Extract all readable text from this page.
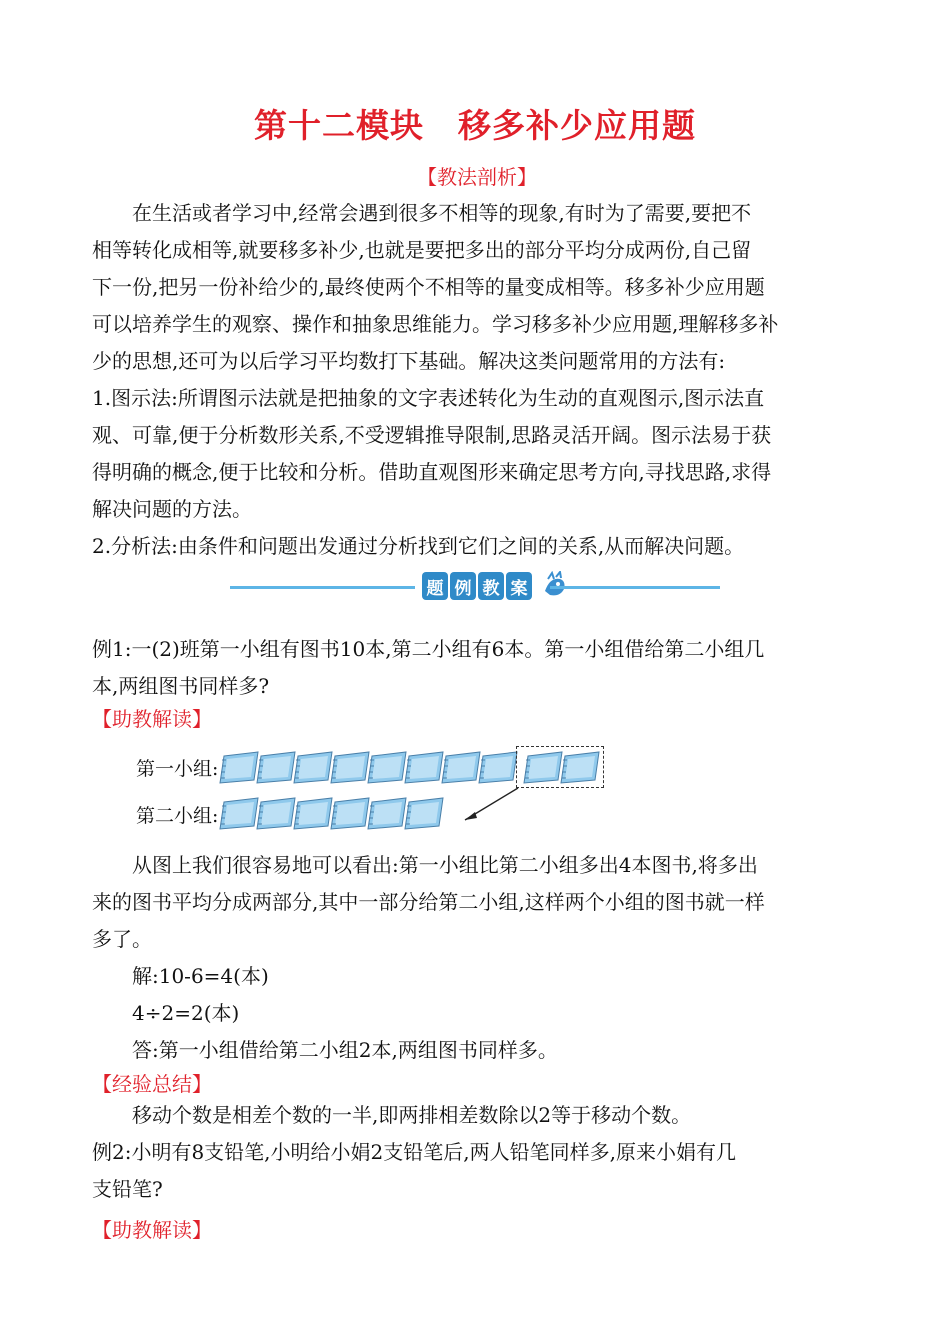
第十二模块　移多补少应用题
【教法剖析】

在生活或者学习中,经常会遇到很多不相等的现象,有时为了需要,要把不

相等转化成相等,就要移多补少,也就是要把多出的部分平均分成两份,自己留

下一份,把另一份补给少的,最终使两个不相等的量变成相等。移多补少应用题

可以培养学生的观察、操作和抽象思维能力。学习移多补少应用题,理解移多补

少的思想,还可为以后学习平均数打下基础。解决这类问题常用的方法有:

1.图示法:所谓图示法就是把抽象的文字表述转化为生动的直观图示,图示法直

观、可靠,便于分析数形关系,不受逻辑推导限制,思路灵活开阔。图示法易于获

得明确的概念,便于比较和分析。借助直观图形来确定思考方向,寻找思路,求得

解决问题的方法。

2.分析法:由条件和问题出发通过分析找到它们之间的关系,从而解决问题。

题 例 教 案

例1:一(2)班第一小组有图书10本,第二小组有6本。第一小组借给第二小组几

本,两组图书同样多?

【助教解读】
第一小组:
第二小组:

从图上我们很容易地可以看出:第一小组比第二小组多出4本图书,将多出

来的图书平均分成两部分,其中一部分给第二小组,这样两个小组的图书就一样

多了。

解:10-6=4(本)

4÷2=2(本)

答:第一小组借给第二小组2本,两组图书同样多。

【经验总结】

移动个数是相差个数的一半,即两排相差数除以2等于移动个数。

例2:小明有8支铅笔,小明给小娟2支铅笔后,两人铅笔同样多,原来小娟有几

支铅笔?

【助教解读】
